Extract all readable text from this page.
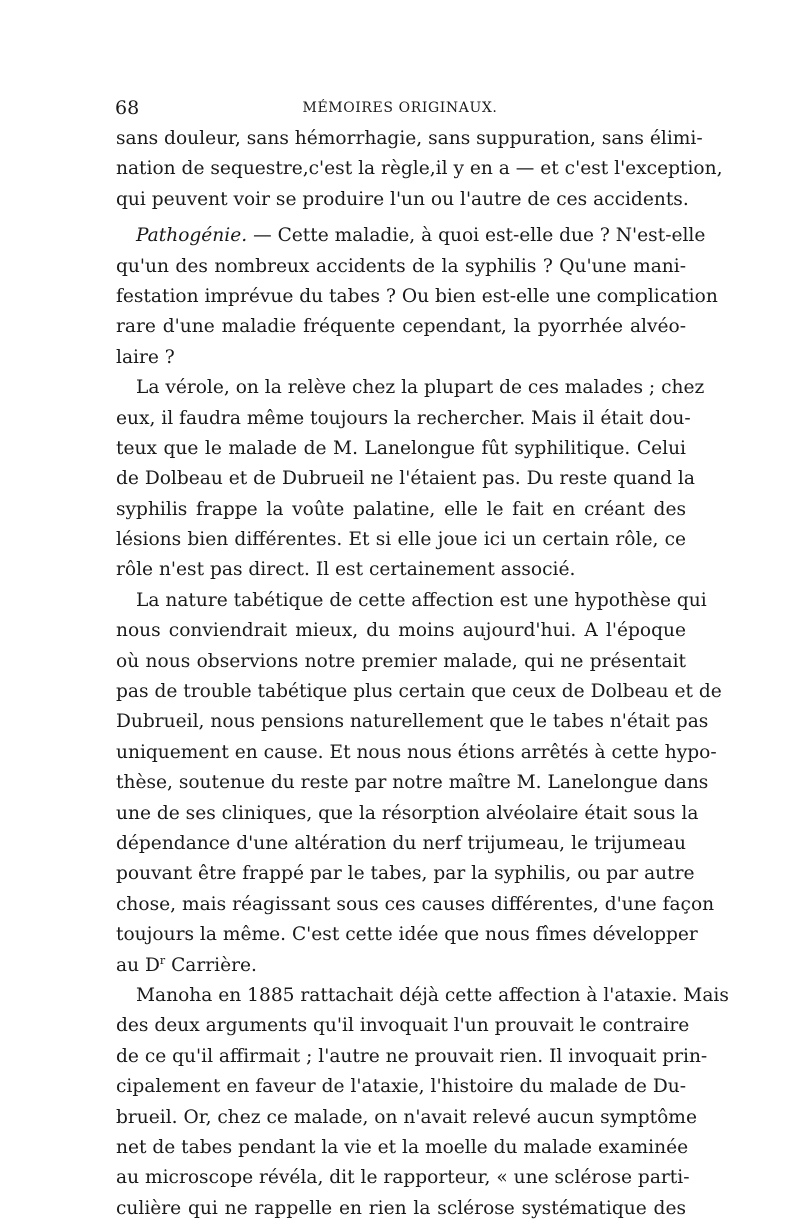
68	MÉMOIRES ORIGINAUX.
sans douleur, sans hémorrhagie, sans suppuration, sans élimi-
nation de sequestre,c'est la règle,il y en a — et c'est l'exception,
qui peuvent voir se produire l'un ou l'autre de ces accidents.
Pathogénie. — Cette maladie, à quoi est-elle due ? N'est-elle
qu'un des nombreux accidents de la syphilis ? Qu'une mani-
festation imprévue du tabes ? Ou bien est-elle une complication
rare d'une maladie fréquente cependant, la pyorrhée alvéo-
laire ?
La vérole, on la relève chez la plupart de ces malades ; chez
eux, il faudra même toujours la rechercher. Mais il était dou-
teux que le malade de M. Lanelongue fût syphilitique. Celui
de Dolbeau et de Dubrueil ne l'étaient pas. Du reste quand la
syphilis frappe la voûte palatine, elle le fait en créant des
lésions bien différentes. Et si elle joue ici un certain rôle, ce
rôle n'est pas direct. Il est certainement associé.
La nature tabétique de cette affection est une hypothèse qui
nous conviendrait mieux, du moins aujourd'hui. A l'époque
où nous observions notre premier malade, qui ne présentait
pas de trouble tabétique plus certain que ceux de Dolbeau et de
Dubrueil, nous pensions naturellement que le tabes n'était pas
uniquement en cause. Et nous nous étions arrêtés à cette hypo-
thèse, soutenue du reste par notre maître M. Lanelongue dans
une de ses cliniques, que la résorption alvéolaire était sous la
dépendance d'une altération du nerf trijumeau, le trijumeau
pouvant être frappé par le tabes, par la syphilis, ou par autre
chose, mais réagissant sous ces causes différentes, d'une façon
toujours la même. C'est cette idée que nous fîmes développer
au $D^r$ Carrière.
Manoha en 1885 rattachait déjà cette affection à l'ataxie. Mais
des deux arguments qu'il invoquait l'un prouvait le contraire
de ce qu'il affirmait ; l'autre ne prouvait rien. Il invoquait prin-
cipalement en faveur de l'ataxie, l'histoire du malade de Du-
brueil. Or, chez ce malade, on n'avait relevé aucun symptôme
net de tabes pendant la vie et la moelle du malade examinée
au microscope révéla, dit le rapporteur, « une sclérose parti-
culière qui ne rappelle en rien la sclérose systématique des
